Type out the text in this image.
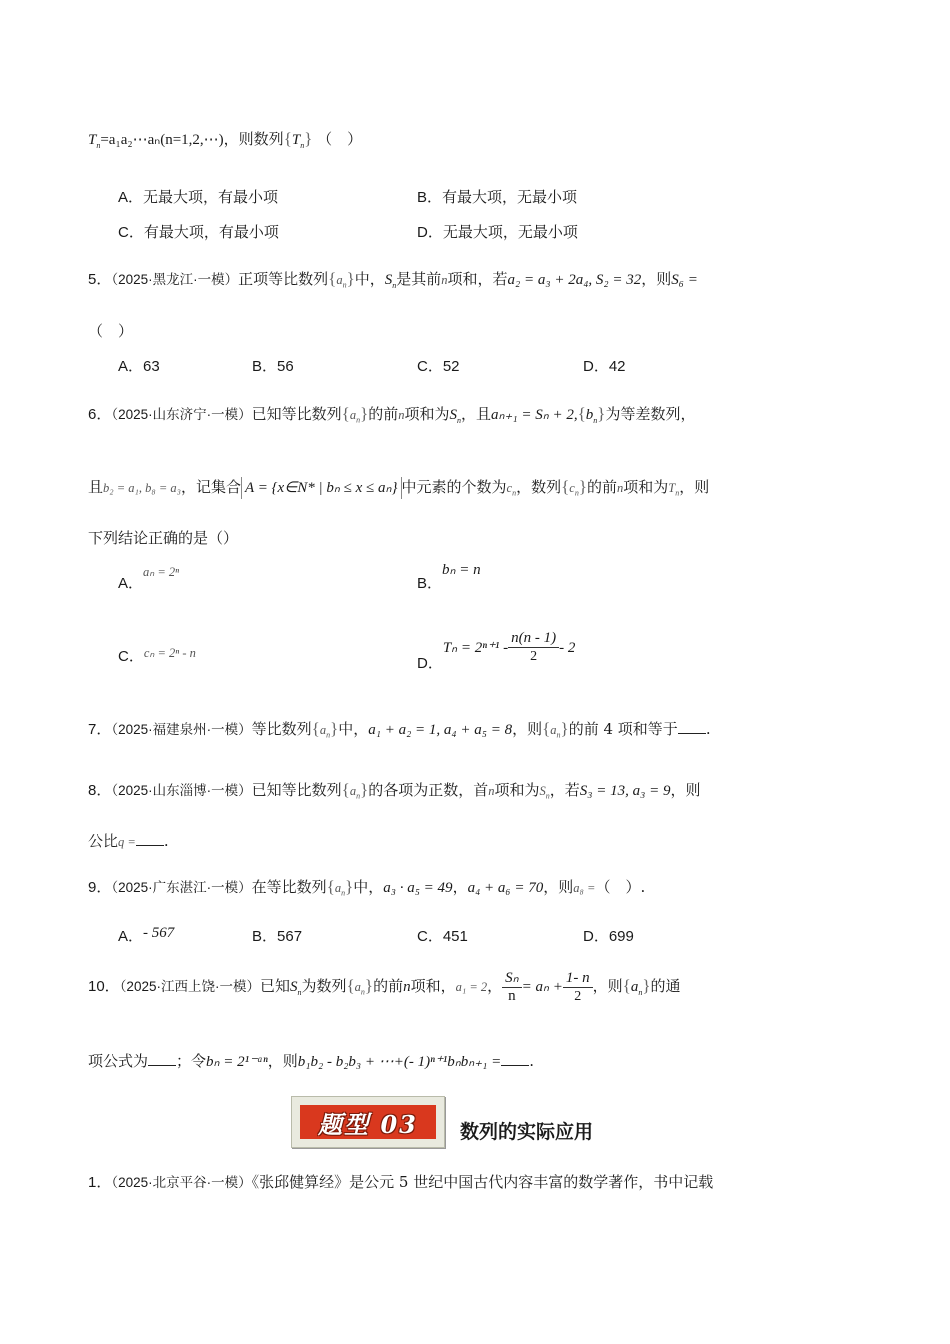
$T_n=a_1a_2\cdots a_n(n=1,2,\cdots)$，则数列$\{T_n\}$ （　）
A．无最大项，有最小项	B．有最大项，无最小项
C．有最大项，有最小项	D．无最大项，无最小项
5．（2025·黑龙江·一模）正项等比数列$\{a_n\}$中，$S_n$是其前n项和，若a₂ = a₃ + 2a₄, S₂ = 32，则S₆ =
（　）
A．63	B．56	C．52	D．42
6．（2025·山东济宁·一模）已知等比数列$\{a_n\}$的前n项和为$S_n$，且$a_{n+1} = S_n + 2,\{b_n\}$为等差数列，
且b₂ = a₁, b₈ = a₃，记集合 A = {x∈N* | bₙ ≤ x ≤ aₙ} 中元素的个数为$c_n$，数列$\{c_n\}$的前n项和为$T_n$，则
下列结论正确的是（）
A．aₙ = 2ⁿ
B．bₙ = n
C．cₙ = 2ⁿ - n
D．$T_n = 2^{n+1} - \frac{n(n - 1)}{2} - 2$
7．（2025·福建泉州·一模）等比数列$\{a_n\}$中，a₁ + a₂ = 1, a₄ + a₅ = 8，则$\{a_n\}$的前 4 项和等于 .
8．（2025·山东淄博·一模）已知等比数列$\{a_n\}$的各项为正数，首n项和为$S_n$，若S₃ = 13, a₃ = 9，则
公比q = .
9．（2025·广东湛江·一模）在等比数列$\{a_n\}$中，a₃ · a₅ = 49，a₄ + a₆ = 70，则a₈ =（　）.
A．- 567	B．567	C．451	D．699
10．（2025·江西上饶·一模）已知$S_n$为数列$\{a_n\}$的前n项和，a₁ = 2， $\frac{\text{Sₙ}}{n} = a_n + \frac{1- n}{2}$ ，则$\{a_n\}$的通
项公式为 ；令bₙ = 2¹⁻ᵃⁿ，则b₁b₂ - b₂b₃ + ⋯+(- 1)ⁿ⁺¹bₙbₙ₊₁ = .
题型 03 数列的实际应用
1．（2025·北京平谷·一模）《张邱健算经》是公元 5 世纪中国古代内容丰富的数学著作，书中记载
